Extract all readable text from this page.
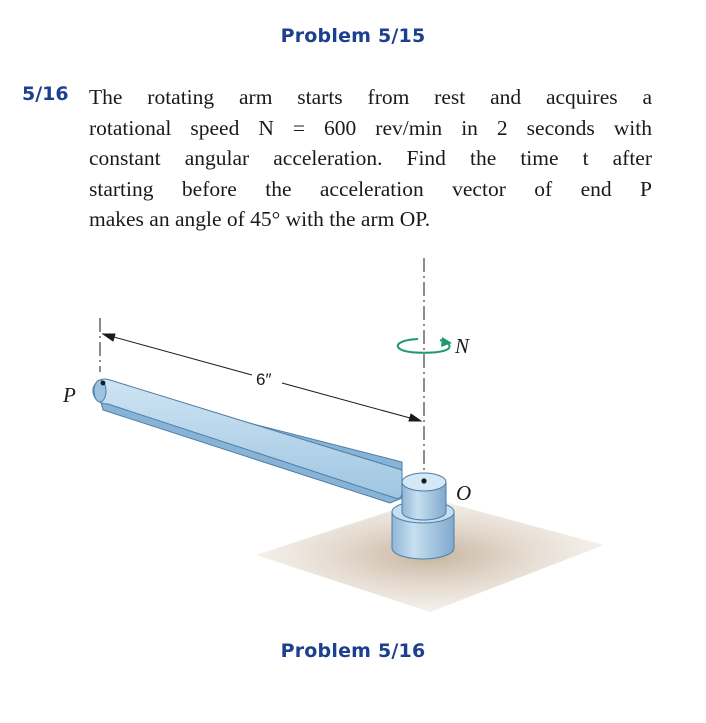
Problem 5/15
5/16 The rotating arm starts from rest and acquires a
rotational speed N = 600 rev/min in 2 seconds with
constant angular acceleration. Find the time t after
starting before the acceleration vector of end P
makes an angle of 45° with the arm OP.
6″
N
P
O
Problem 5/16
